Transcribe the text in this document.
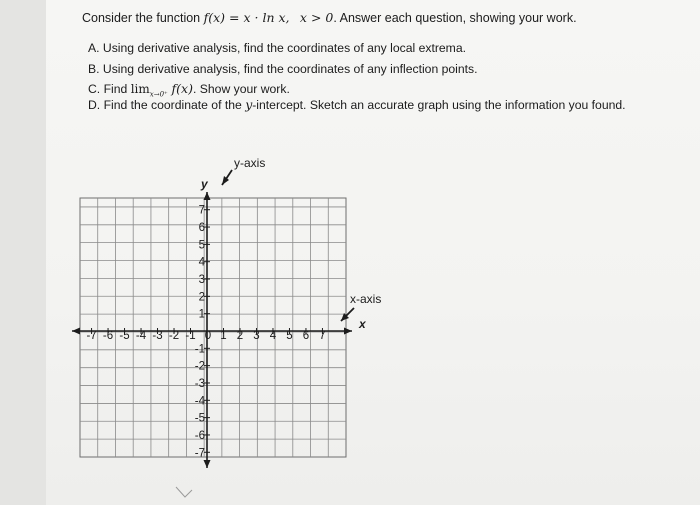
Consider the function f(x) = x · ln x, x > 0. Answer each question, showing your work.
A. Using derivative analysis, find the coordinates of any local extrema.
B. Using derivative analysis, find the coordinates of any inflection points.
C. Find $\lim_{x\to 0^+} f(x)$. Show your work.
D. Find the coordinate of the y-intercept. Sketch an accurate graph using the information you found.
-7 -6 -5 -4 -3 -2 -1 0 1 2 3 4 5 6 7
7
6
5
4
3
2
1
-1
-2
-3
-4
-5
-6
-7
y-axis
x-axis
y
x
